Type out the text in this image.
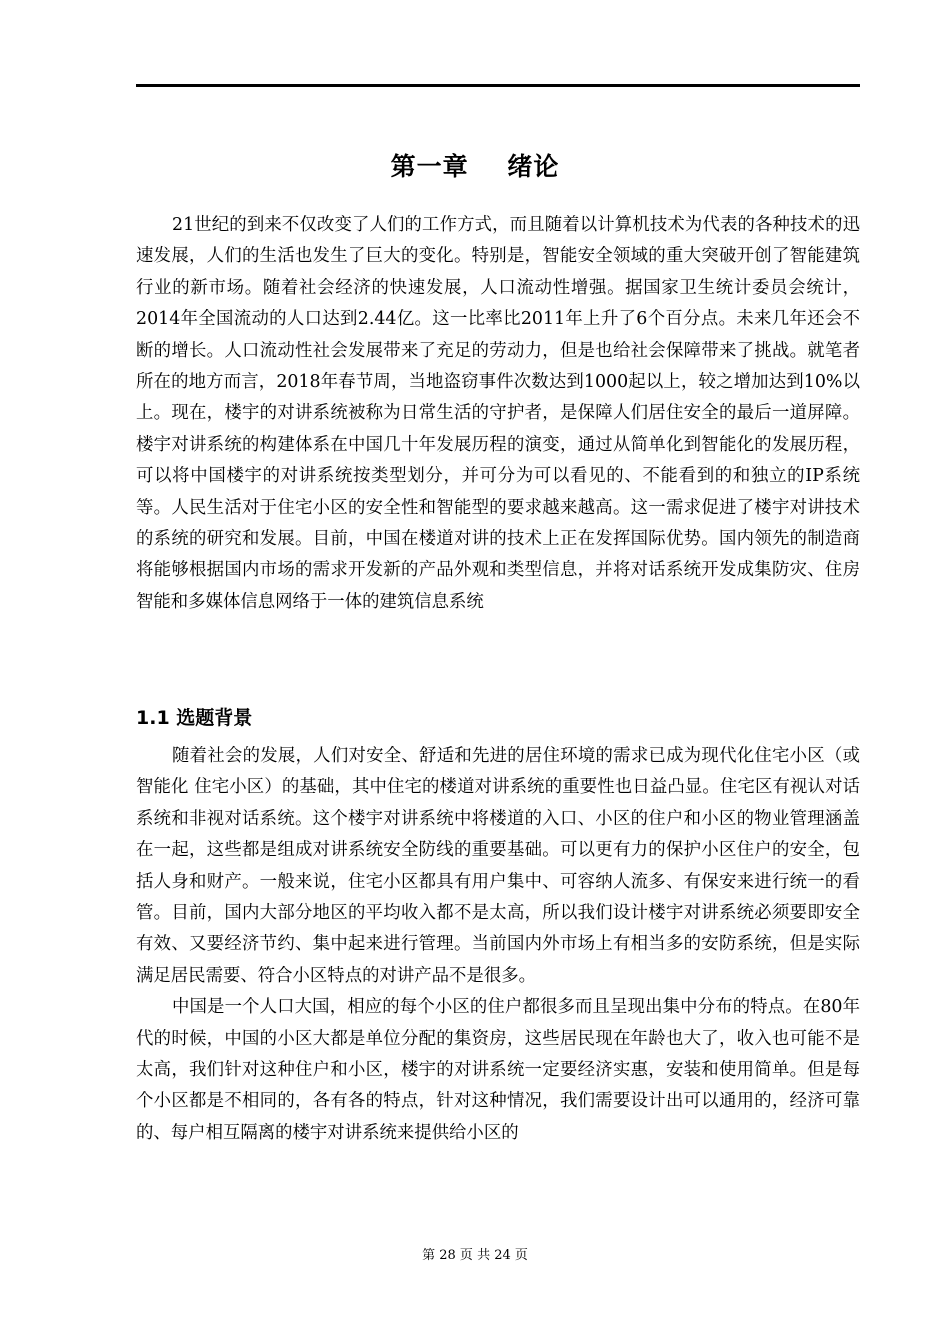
第一章    绪论

21世纪的到来不仅改变了人们的工作方式，而且随着以计算机技术为代表的各种技术的迅速发展，人们的生活也发生了巨大的变化。特别是，智能安全领域的重大突破开创了智能建筑行业的新市场。随着社会经济的快速发展，人口流动性增强。据国家卫生统计委员会统计，2014年全国流动的人口达到2.44亿。这一比率比2011年上升了6个百分点。未来几年还会不断的增长。人口流动性社会发展带来了充足的劳动力，但是也给社会保障带来了挑战。就笔者所在的地方而言，2018年春节周，当地盗窃事件次数达到1000起以上，较之增加达到10%以上。现在，楼宇的对讲系统被称为日常生活的守护者，是保障人们居住安全的最后一道屏障。楼宇对讲系统的构建体系在中国几十年发展历程的演变，通过从简单化到智能化的发展历程，可以将中国楼宇的对讲系统按类型划分，并可分为可以看见的、不能看到的和独立的IP系统等。人民生活对于住宅小区的安全性和智能型的要求越来越高。这一需求促进了楼宇对讲技术的系统的研究和发展。目前，中国在楼道对讲的技术上正在发挥国际优势。国内领先的制造商将能够根据国内市场的需求开发新的产品外观和类型信息，并将对话系统开发成集防灾、住房智能和多媒体信息网络于一体的建筑信息系统

1.1 选题背景

随着社会的发展，人们对安全、舒适和先进的居住环境的需求已成为现代化住宅小区（或智能化 住宅小区）的基础，其中住宅的楼道对讲系统的重要性也日益凸显。住宅区有视认对话系统和非视对话系统。这个楼宇对讲系统中将楼道的入口、小区的住户和小区的物业管理涵盖在一起，这些都是组成对讲系统安全防线的重要基础。可以更有力的保护小区住户的安全，包括人身和财产。一般来说，住宅小区都具有用户集中、可容纳人流多、有保安来进行统一的看管。目前，国内大部分地区的平均收入都不是太高，所以我们设计楼宇对讲系统必须要即安全有效、又要经济节约、集中起来进行管理。当前国内外市场上有相当多的安防系统，但是实际满足居民需要、符合小区特点的对讲产品不是很多。

中国是一个人口大国，相应的每个小区的住户都很多而且呈现出集中分布的特点。在80年代的时候，中国的小区大都是单位分配的集资房，这些居民现在年龄也大了，收入也可能不是太高，我们针对这种住户和小区，楼宇的对讲系统一定要经济实惠，安装和使用简单。但是每个小区都是不相同的，各有各的特点，针对这种情况，我们需要设计出可以通用的，经济可靠的、每户相互隔离的楼宇对讲系统来提供给小区的

第 28 页 共 24 页
